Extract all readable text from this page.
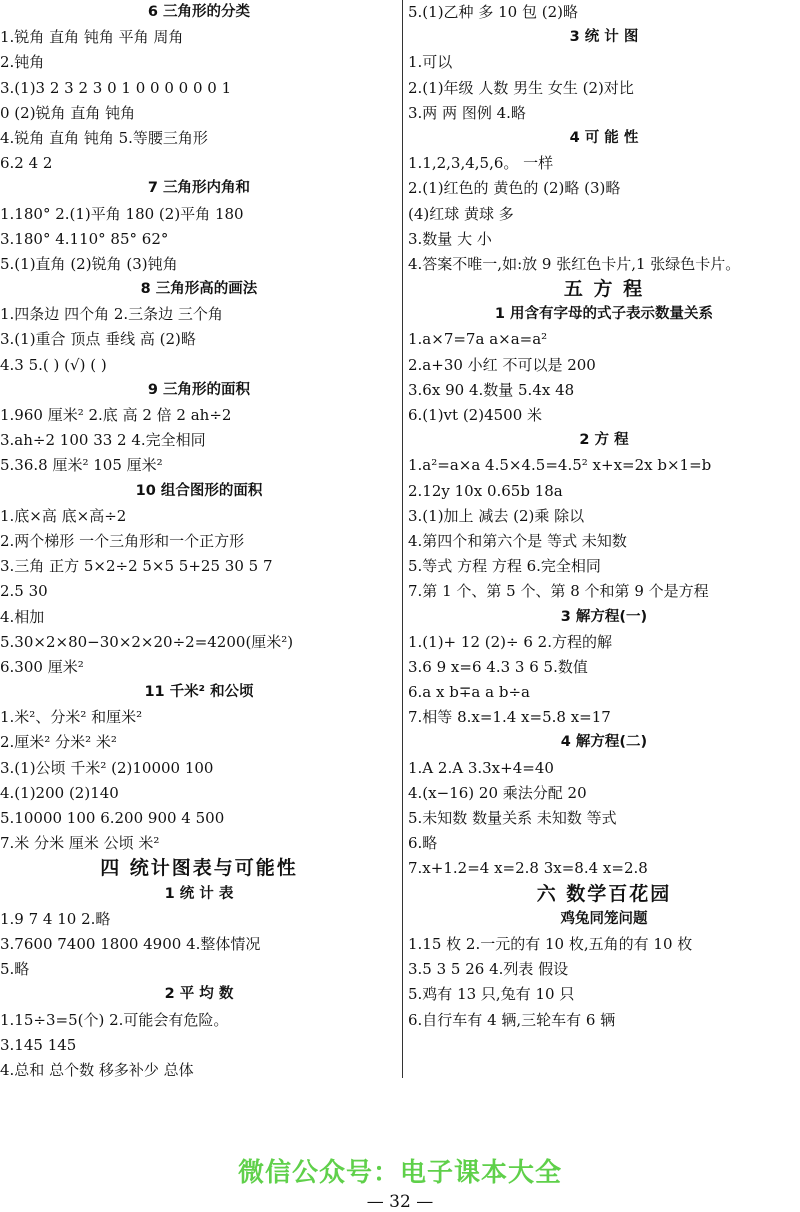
6 三角形的分类
1.锐角 直角 钝角 平角 周角
2.钝角
3.(1)3 2 3 2 3 0 1 0 0 0 0 0 0 1
0 (2)锐角 直角 钝角
4.锐角 直角 钝角 5.等腰三角形
6.2 4 2
7 三角形内角和
1.180° 2.(1)平角 180 (2)平角 180
3.180° 4.110° 85° 62°
5.(1)直角 (2)锐角 (3)钝角
8 三角形高的画法
1.四条边 四个角 2.三条边 三个角
3.(1)重合 顶点 垂线 高 (2)略
4.3 5.( ) (√) ( )
9 三角形的面积
1.960 厘米² 2.底 高 2 倍 2 ah÷2
3.ah÷2 100 33 2 4.完全相同
5.36.8 厘米² 105 厘米²
10 组合图形的面积
1.底×高 底×高÷2
2.两个梯形 一个三角形和一个正方形
3.三角 正方 5×2÷2 5×5 5+25 30 5 7
2.5 30
4.相加
5.30×2×80−30×2×20÷2=4200(厘米²)
6.300 厘米²
11 千米² 和公顷
1.米²、分米² 和厘米²
2.厘米² 分米² 米²
3.(1)公顷 千米² (2)10000 100
4.(1)200 (2)140
5.10000 100 6.200 900 4 500
7.米 分米 厘米 公顷 米²
四 统计图表与可能性
1 统 计 表
1.9 7 4 10 2.略
3.7600 7400 1800 4900 4.整体情况
5.略
2 平 均 数
1.15÷3=5(个) 2.可能会有危险。
3.145 145
4.总和 总个数 移多补少 总体
5.(1)乙种 多 10 包 (2)略
3 统 计 图
1.可以
2.(1)年级 人数 男生 女生 (2)对比
3.两 两 图例 4.略
4 可 能 性
1.1,2,3,4,5,6。 一样
2.(1)红色的 黄色的 (2)略 (3)略
(4)红球 黄球 多
3.数量 大 小
4.答案不唯一,如:放 9 张红色卡片,1 张绿色卡片。
五 方 程
1 用含有字母的式子表示数量关系
1.a×7=7a a×a=a²
2.a+30 小红 不可以是 200
3.6x 90 4.数量 5.4x 48
6.(1)vt (2)4500 米
2 方 程
1.a²=a×a 4.5×4.5=4.5² x+x=2x b×1=b
2.12y 10x 0.65b 18a
3.(1)加上 减去 (2)乘 除以
4.第四个和第六个是 等式 未知数
5.等式 方程 方程 6.完全相同
7.第 1 个、第 5 个、第 8 个和第 9 个是方程
3 解方程(一)
1.(1)+ 12 (2)÷ 6 2.方程的解
3.6 9 x=6 4.3 3 6 5.数值
6.a x b∓a a b÷a
7.相等 8.x=1.4 x=5.8 x=17
4 解方程(二)
1.A 2.A 3.3x+4=40
4.(x−16) 20 乘法分配 20
5.未知数 数量关系 未知数 等式
6.略
7.x+1.2=4 x=2.8 3x=8.4 x=2.8
六 数学百花园
鸡兔同笼问题
1.15 枚 2.一元的有 10 枚,五角的有 10 枚
3.5 3 5 26 4.列表 假设
5.鸡有 13 只,兔有 10 只
6.自行车有 4 辆,三轮车有 6 辆
微信公众号：电子课本大全
— 32 —
